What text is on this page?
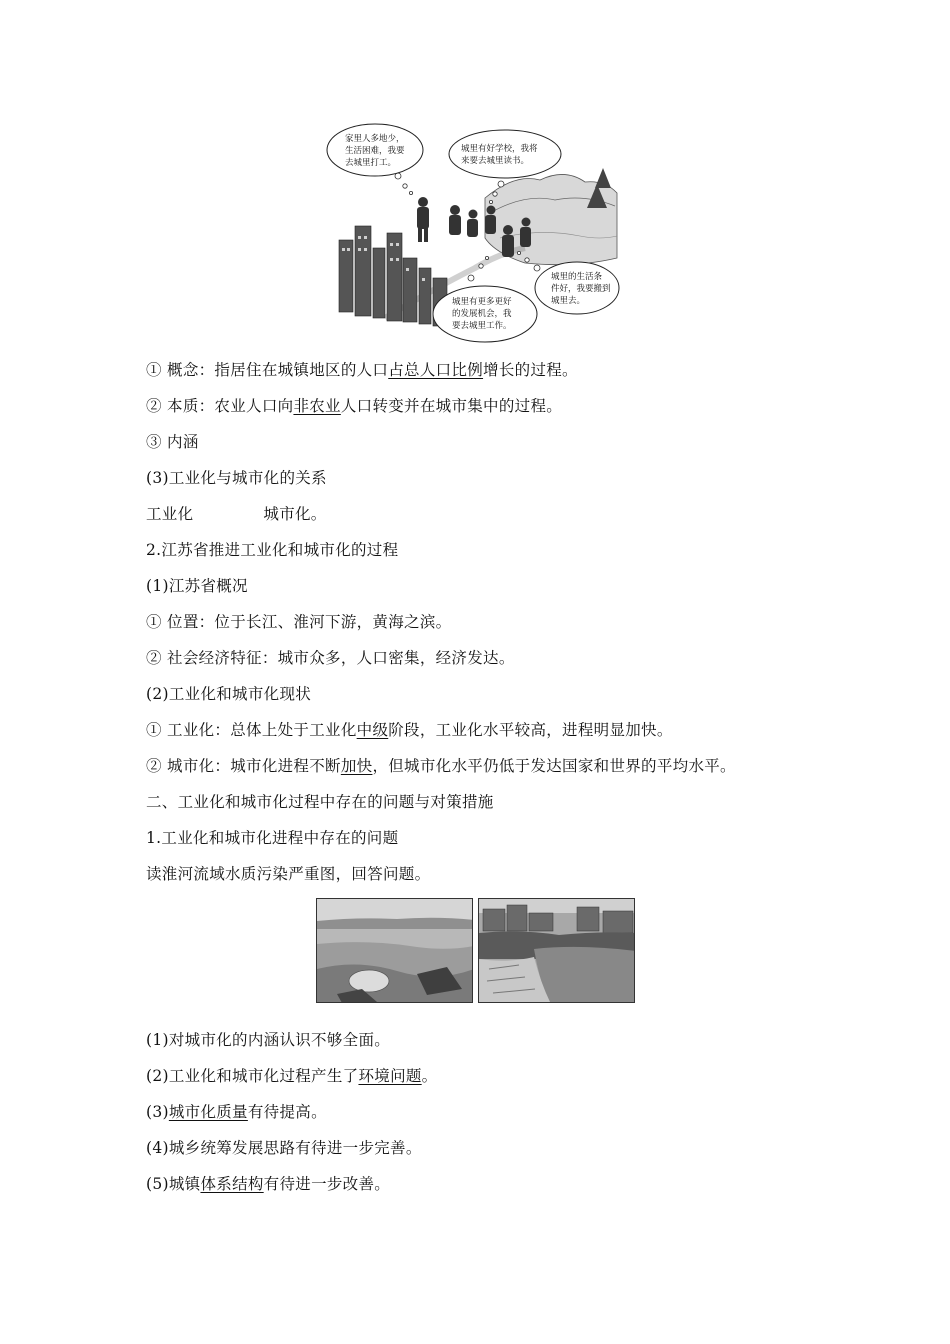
家里人多地少，
生活困难，我要
去城里打工。
城里有好学校，我将
来要去城里读书。
城里的生活条
件好，我要搬到
城里去。
城里有更多更好
的发展机会，我
要去城里工作。
① 概念：指居住在城镇地区的人口占总人口比例增长的过程。
② 本质：农业人口向非农业人口转变并在城市集中的过程。
③ 内涵
(3)工业化与城市化的关系
工业化	城市化。
2.江苏省推进工业化和城市化的过程
(1)江苏省概况
① 位置：位于长江、淮河下游，黄海之滨。
② 社会经济特征：城市众多，人口密集，经济发达。
(2)工业化和城市化现状
① 工业化：总体上处于工业化中级阶段，工业化水平较高，进程明显加快。
② 城市化：城市化进程不断加快，但城市化水平仍低于发达国家和世界的平均水平。
二、工业化和城市化过程中存在的问题与对策措施
1.工业化和城市化进程中存在的问题
读淮河流域水质污染严重图，回答问题。
(1)对城市化的内涵认识不够全面。
(2)工业化和城市化过程产生了环境问题。
(3)城市化质量有待提高。
(4)城乡统筹发展思路有待进一步完善。
(5)城镇体系结构有待进一步改善。
